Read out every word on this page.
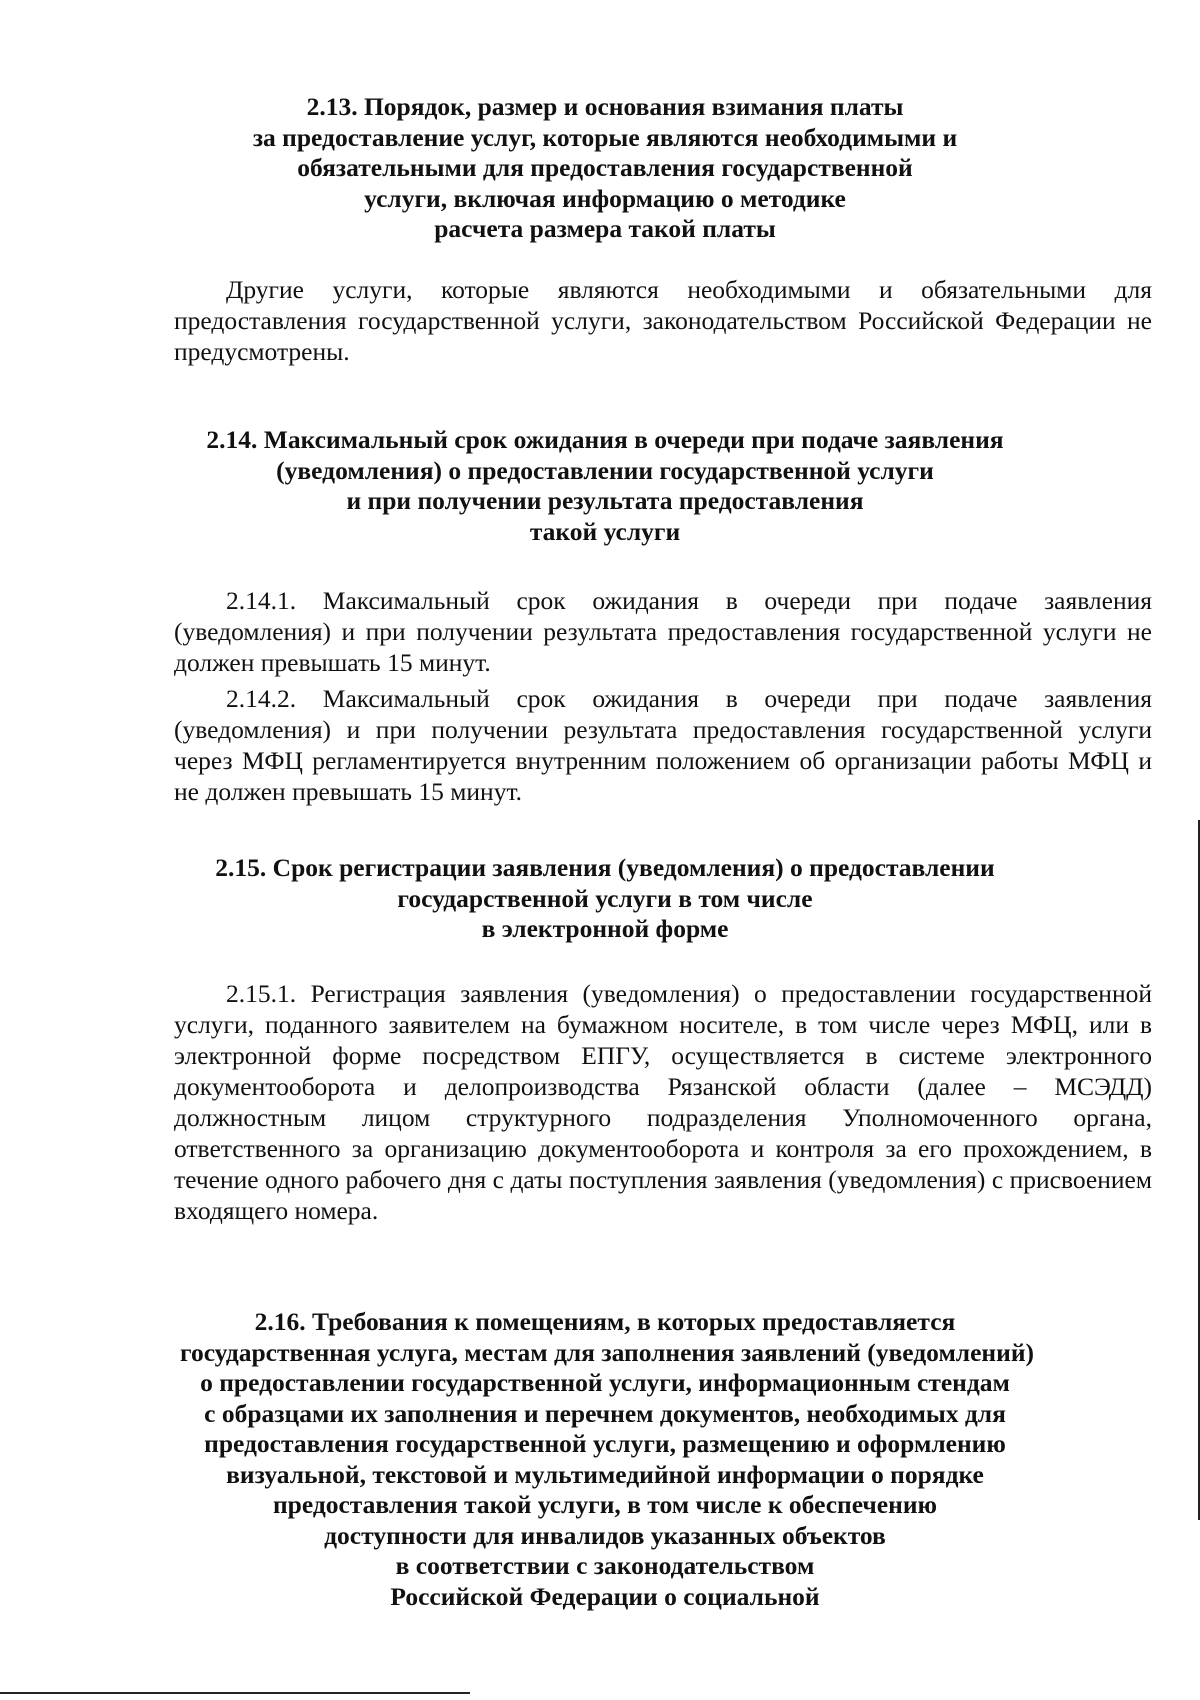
2.13. Порядок, размер и основания взимания платы
за предоставление услуг, которые являются необходимыми и
обязательными для предоставления государственной
услуги, включая информацию о методике
расчета размера такой платы

Другие услуги, которые являются необходимыми и обязательными для предоставления государственной услуги, законодательством Российской Федерации не предусмотрены.

2.14. Максимальный срок ожидания в очереди при подаче заявления
(уведомления) о предоставлении государственной услуги
и при получении результата предоставления
такой услуги

2.14.1. Максимальный срок ожидания в очереди при подаче заявления (уведомления) и при получении результата предоставления государственной услуги не должен превышать 15 минут.

2.14.2. Максимальный срок ожидания в очереди при подаче заявления (уведомления) и при получении результата предоставления государственной услуги через МФЦ регламентируется внутренним положением об организации работы МФЦ и не должен превышать 15 минут.

2.15. Срок регистрации заявления (уведомления) о предоставлении
государственной услуги в том числе
в электронной форме

2.15.1. Регистрация заявления (уведомления) о предоставлении государственной услуги, поданного заявителем на бумажном носителе, в том числе через МФЦ, или в электронной форме посредством ЕПГУ, осуществляется в системе электронного документооборота и делопроизводства Рязанской области (далее – МСЭДД) должностным лицом структурного подразделения Уполномоченного органа, ответственного за организацию документооборота и контроля за его прохождением, в течение одного рабочего дня с даты поступления заявления (уведомления) с присвоением входящего номера.

2.16. Требования к помещениям, в которых предоставляется
государственная услуга, местам для заполнения заявлений (уведомлений)
о предоставлении государственной услуги, информационным стендам
с образцами их заполнения и перечнем документов, необходимых для
предоставления государственной услуги, размещению и оформлению
визуальной, текстовой и мультимедийной информации о порядке
предоставления такой услуги, в том числе к обеспечению
доступности для инвалидов указанных объектов
в соответствии с законодательством
Российской Федерации о социальной
